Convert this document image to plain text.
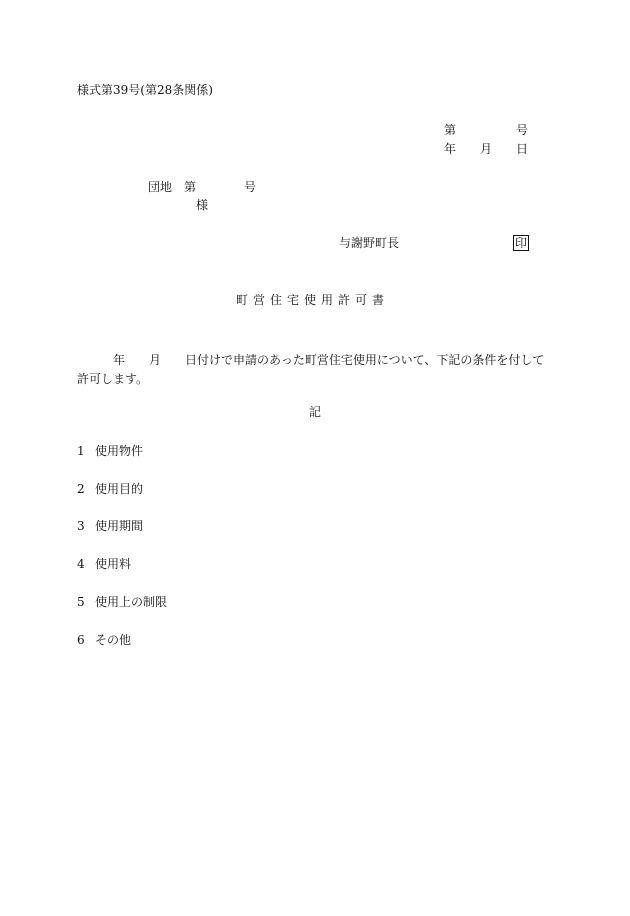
様式第39号(第28条関係)
第	号
年 月 日
団地 第	号
様
与謝野町長	印
町営住宅使用許可書
年 月 日付けで申請のあった町営住宅使用について、下記の条件を付して許可します。
記
1 使用物件
2 使用目的
3 使用期間
4 使用料
5 使用上の制限
6 その他
